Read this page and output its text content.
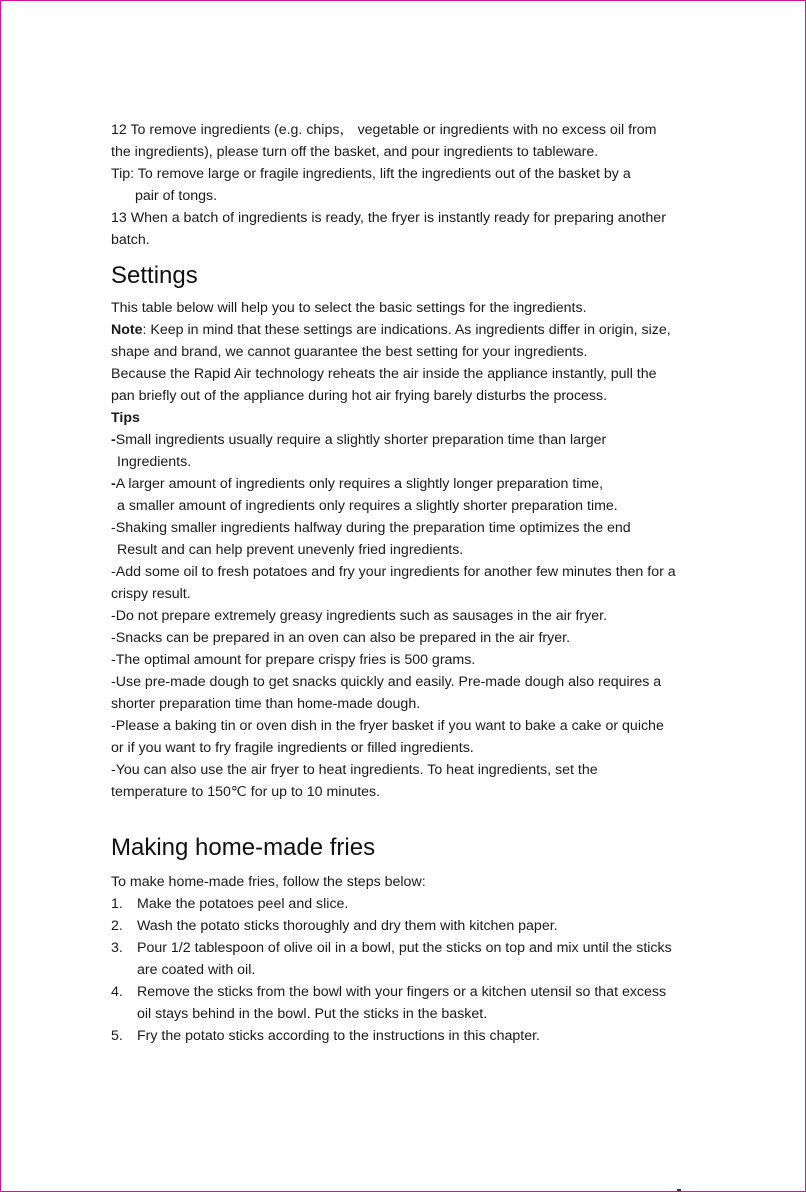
12 To remove ingredients (e.g. chips， vegetable or ingredients with no excess oil from

the ingredients), please turn off the basket, and pour ingredients to tableware.

Tip: To remove large or fragile ingredients, lift the ingredients out of the basket by a

pair of tongs.

13 When a batch of ingredients is ready, the fryer is instantly ready for preparing another

batch.

Settings

This table below will help you to select the basic settings for the ingredients.

Note: Keep in mind that these settings are indications. As ingredients differ in origin, size,

shape and brand, we cannot guarantee the best setting for your ingredients.

Because the Rapid Air technology reheats the air inside the appliance instantly, pull the

pan briefly out of the appliance during hot air frying barely disturbs the process.

Tips

-Small ingredients usually require a slightly shorter preparation time than larger

Ingredients.

-A larger amount of ingredients only requires a slightly longer preparation time,

a smaller amount of ingredients only requires a slightly shorter preparation time.

-Shaking smaller ingredients halfway during the preparation time optimizes the end

Result and can help prevent unevenly fried ingredients.

-Add some oil to fresh potatoes and fry your ingredients for another few minutes then for a

crispy result.

-Do not prepare extremely greasy ingredients such as sausages in the air fryer.

-Snacks can be prepared in an oven can also be prepared in the air fryer.

-The optimal amount for prepare crispy fries is 500 grams.

-Use pre-made dough to get snacks quickly and easily. Pre-made dough also requires a

shorter preparation time than home-made dough.

-Please a baking tin or oven dish in the fryer basket if you want to bake a cake or quiche

or if you want to fry fragile ingredients or filled ingredients.

-You can also use the air fryer to heat ingredients. To heat ingredients, set the

temperature to 150℃ for up to 10 minutes.

Making home-made fries

To make home-made fries, follow the steps below:

1. Make the potatoes peel and slice.

2. Wash the potato sticks thoroughly and dry them with kitchen paper.

3. Pour 1/2 tablespoon of olive oil in a bowl, put the sticks on top and mix until the sticks

are coated with oil.

4. Remove the sticks from the bowl with your fingers or a kitchen utensil so that excess

oil stays behind in the bowl. Put the sticks in the basket.

5. Fry the potato sticks according to the instructions in this chapter.
